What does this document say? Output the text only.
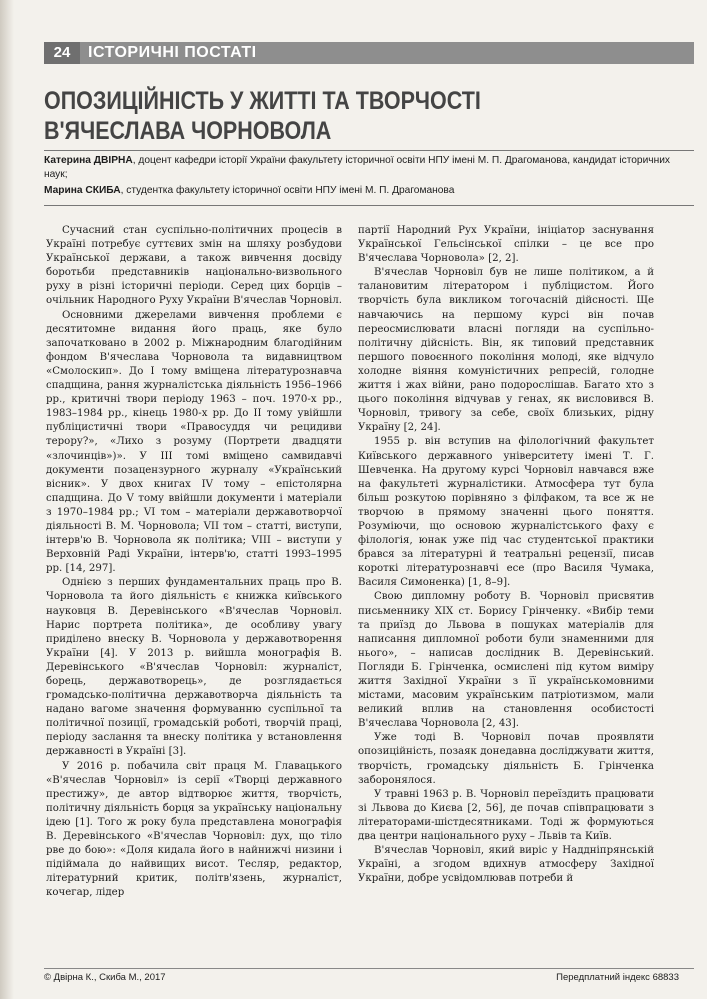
24	ІСТОРИЧНІ ПОСТАТІ
ОПОЗИЦІЙНІСТЬ У ЖИТТІ ТА ТВОРЧОСТІ В'ЯЧЕСЛАВА ЧОРНОВОЛА

Катерина ДВІРНА, доцент кафедри історії України факультету історичної освіти НПУ імені М. П. Драгоманова, кандидат історичних наук;

Марина СКИБА, студентка факультету історичної освіти НПУ імені М. П. Драгоманова

Сучасний стан суспільно-політичних процесів в Україні потребує суттєвих змін на шляху розбудови Української держави, а також вивчення досвіду боротьби представників національно-визвольного руху в різні історичні періоди. Серед цих борців – очільник Народного Руху України В'ячеслав Чорновіл.

Основними джерелами вивчення проблеми є десятитомне видання його праць, яке було започатковано в 2002 р. Міжнародним благодійним фондом В'ячеслава Чорновола та видавництвом «Смолоскип». До І тому вміщена літературознавча спадщина, рання журналістська діяльність 1956–1966 рр., критичні твори періоду 1963 – поч. 1970-х рр., 1983–1984 рр., кінець 1980-х рр. До ІІ тому увійшли публіцистичні твори «Правосуддя чи рецидиви терору?», «Лихо з розуму (Портрети двадцяти «злочинців»)». У ІІІ томі вміщено самвидавчі документи позацензурного журналу «Український вісник». У двох книгах IV тому – епістолярна спадщина. До V тому ввійшли документи і матеріали з 1970–1984 рр.; VI том – матеріали державотворчої діяльності В. М. Чорновола; VII том – статті, виступи, інтерв'ю В. Чорновола як політика; VIII – виступи у Верховній Раді України, інтерв'ю, статті 1993–1995 рр. [14, 297].

Однією з перших фундаментальних праць про В. Чорновола та його діяльність є книжка київського науковця В. Деревінського «В'ячеслав Чорновіл. Нарис портрета політика», де особливу увагу приділено внеску В. Чорновола у державотворення України [4]. У 2013 р. вийшла монографія В. Деревінського «В'ячеслав Чорновіл: журналіст, борець, державотворець», де розглядається громадсько-політична державотворча діяльність та надано вагоме значення формуванню суспільної та політичної позиції, громадській роботі, творчій праці, періоду заслання та внеску політика у встановлення державності в Україні [3].

У 2016 р. побачила світ праця М. Главацького «В'ячеслав Чорновіл» із серії «Творці державного престижу», де автор відтворює життя, творчість, політичну діяльність борця за українську національну ідею [1]. Того ж року була представлена монографія В. Деревінського «В'ячеслав Чорновіл: дух, що тіло рве до бою»: «Доля кидала його в найнижчі низини і підіймала до найвищих висот. Тесляр, редактор, літературний критик, політв'язень, журналіст, кочегар, лідер

партії Народний Рух України, ініціатор заснування Української Гельсінської спілки – це все про В'ячеслава Чорновола» [2, 2].

В'ячеслав Чорновіл був не лише політиком, а й талановитим літератором і публіцистом. Його творчість була викликом тогочасній дійсності. Ще навчаючись на першому курсі він почав переосмислювати власні погляди на суспільно-політичну дійсність. Він, як типовий представник першого повоєнного покоління молоді, яке відчуло холодне віяння комуністичних репресій, голодне життя і жах війни, рано подорослішав. Багато хто з цього покоління відчував у генах, як висловився В. Чорновіл, тривогу за себе, своїх близьких, рідну Україну [2, 24].

1955 р. він вступив на філологічний факультет Київського державного університету імені Т. Г. Шевченка. На другому курсі Чорновіл навчався вже на факультеті журналістики. Атмосфера тут була більш розкутою порівняно з філфаком, та все ж не творчою в прямому значенні цього поняття. Розуміючи, що основою журналістського фаху є філологія, юнак уже під час студентської практики брався за літературні й театральні рецензії, писав короткі літературознавчі есе (про Василя Чумака, Василя Симоненка) [1, 8–9].

Свою дипломну роботу В. Чорновіл присвятив письменнику XIX ст. Борису Грінченку. «Вибір теми та приїзд до Львова в пошуках матеріалів для написання дипломної роботи були знаменними для нього», – написав дослідник В. Деревінський. Погляди Б. Грінченка, осмислені під кутом виміру життя Західної України з її українськомовними містами, масовим українським патріотизмом, мали великий вплив на становлення особистості В'ячеслава Чорновола [2, 43].

Уже тоді В. Чорновіл почав проявляти опозиційність, позаяк донедавна досліджувати життя, творчість, громадську діяльність Б. Грінченка заборонялося.

У травні 1963 р. В. Чорновіл переїздить працювати зі Львова до Києва [2, 56], де почав співпрацювати з літераторами-шістдесятниками. Тоді ж формуються два центри національного руху – Львів та Київ.

В'ячеслав Чорновіл, який виріс у Наддніпрянській Україні, а згодом вдихнув атмосферу Західної України, добре усвідомлював потреби й

© Двірна К., Скиба М., 2017	Передплатний індекс 68833
